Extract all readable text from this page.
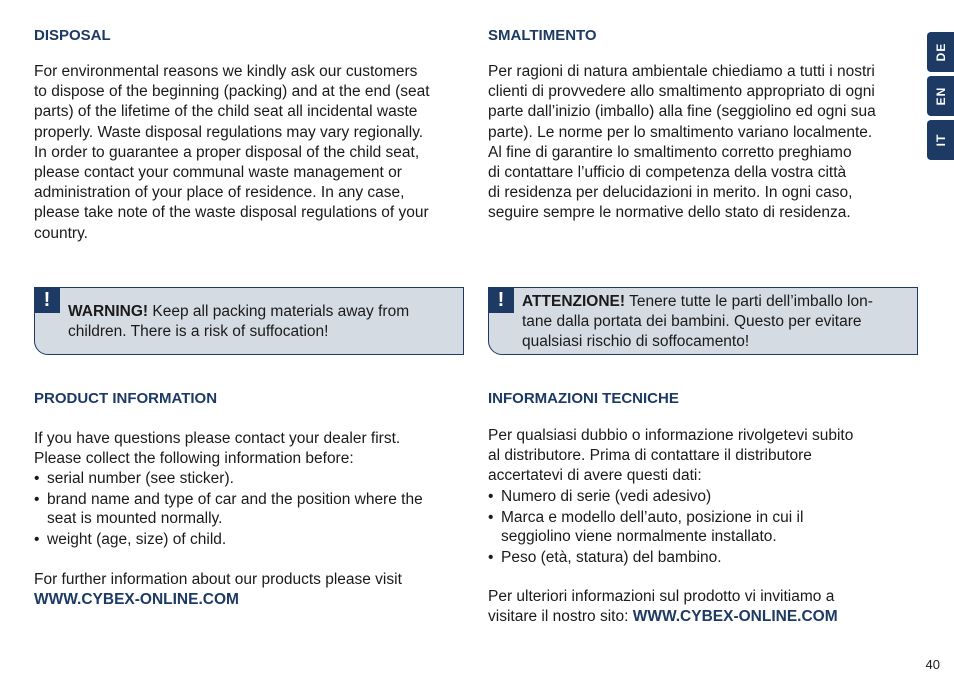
DISPOSAL

For environmental reasons we kindly ask our customers
to dispose of the beginning (packing) and at the end (seat
parts) of the lifetime of the child seat all incidental waste
properly. Waste disposal regulations may vary regionally.
In order to guarantee a proper disposal of the child seat,
please contact your communal waste management or
administration of your place of residence. In any case,
please take note of the waste disposal regulations of your
country.

!

WARNING! Keep all packing materials away from
children. There is a risk of suffocation!

PRODUCT INFORMATION

If you have questions please contact your dealer first.
Please collect the following information before:

• serial number (see sticker).
• brand name and type of car and the position where the
seat is mounted normally.
• weight (age, size) of child.

For further information about our products please visit
WWW.CYBEX-ONLINE.COM

SMALTIMENTO

Per ragioni di natura ambientale chiediamo a tutti i nostri
clienti di provvedere allo smaltimento appropriato di ogni
parte dall’inizio (imballo) alla fine (seggiolino ed ogni sua
parte). Le norme per lo smaltimento variano localmente.
Al fine di garantire lo smaltimento corretto preghiamo
di contattare l’ufficio di competenza della vostra città
di residenza per delucidazioni in merito. In ogni caso,
seguire sempre le normative dello stato di residenza.

!	ATTENZIONE! Tenere tutte le parti dell’imballo lon-
tane dalla portata dei bambini. Questo per evitare
qualsiasi rischio di soffocamento!

INFORMAZIONI TECNICHE

Per qualsiasi dubbio o informazione rivolgetevi subito
al distributore. Prima di contattare il distributore
accertatevi di avere questi dati:

• Numero di serie (vedi adesivo)
• Marca e modello dell’auto, posizione in cui il
seggiolino viene normalmente installato.
• Peso (età, statura) del bambino.

Per ulteriori informazioni sul prodotto vi invitiamo a
visitare il nostro sito: WWW.CYBEX-ONLINE.COM

DE
EN
IT
40
